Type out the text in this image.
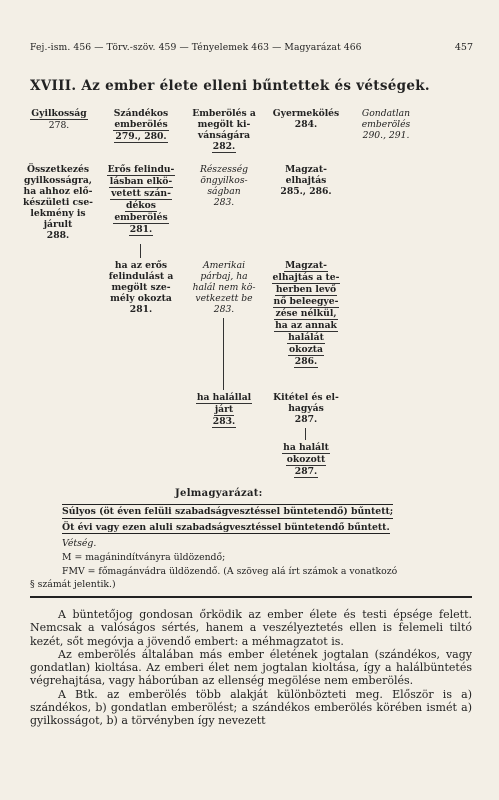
Fej.-ism. 456 — Törv.-szöv. 459 — Tényelemek 463 — Magyarázat 466	457
XVIII. Az ember élete elleni bűntettek és vétségek.
Gyilkosság
278.
Szándékos
emberölés
279., 280.
Emberölés a
megölt ki-
vánságára
282.
Gyermekölés
284.
Gondatlan
emberölés
290., 291.
Összetkezés
gyilkosságra,
ha ahhoz elő-
készületi cse-
lekmény is
járult
288.
Erős felindu-
lásban elkö-
vetett szán-
dékos
emberölés
281.
Részesség
öngyilkos-
ságban
283.
Magzat-
elhajtás
285., 286.
ha az erős
felindulást a
megölt sze-
mély okozta
281.
Amerikai
párbaj, ha
halál nem kö-
vetkezett be
283.
Magzat-
elhajtás a te-
herben levő
nő beleegye-
zése nélkül,
ha az annak
halálát
okozta
286.
ha halállal
járt
283.
Kitétel és el-
hagyás
287.
ha halált
okozott
287.
Jelmagyarázat:
Súlyos (öt éven felüli szabadságvesztéssel büntetendő) bűntett;
Öt évi vagy ezen aluli szabadságvesztéssel büntetendő bűntett.
Vétség.
M = magánindítványra üldözendő;
FMV = főmagánvádra üldözendő. (A szöveg alá írt számok a vonatkozó
§ számát jelentik.)

A büntetőjog gondosan őrködik az ember élete és testi épsége felett. Nemcsak a valóságos sértés, hanem a veszélyeztetés ellen is felemeli tiltó kezét, sőt megóvja a jövendő embert: a méhmagzatot is.

Az emberölés általában más ember életének jogtalan (szándékos, vagy gondatlan) kioltása. Az emberi élet nem jogtalan kioltása, így a halálbüntetés végrehajtása, vagy háborúban az ellenség megölése nem emberölés.

A Btk. az emberölés több alakját különbözteti meg. Először is a) szándékos, b) gondatlan emberölést; a szándékos emberölés körében ismét a) gyilkosságot, b) a törvényben így nevezett
